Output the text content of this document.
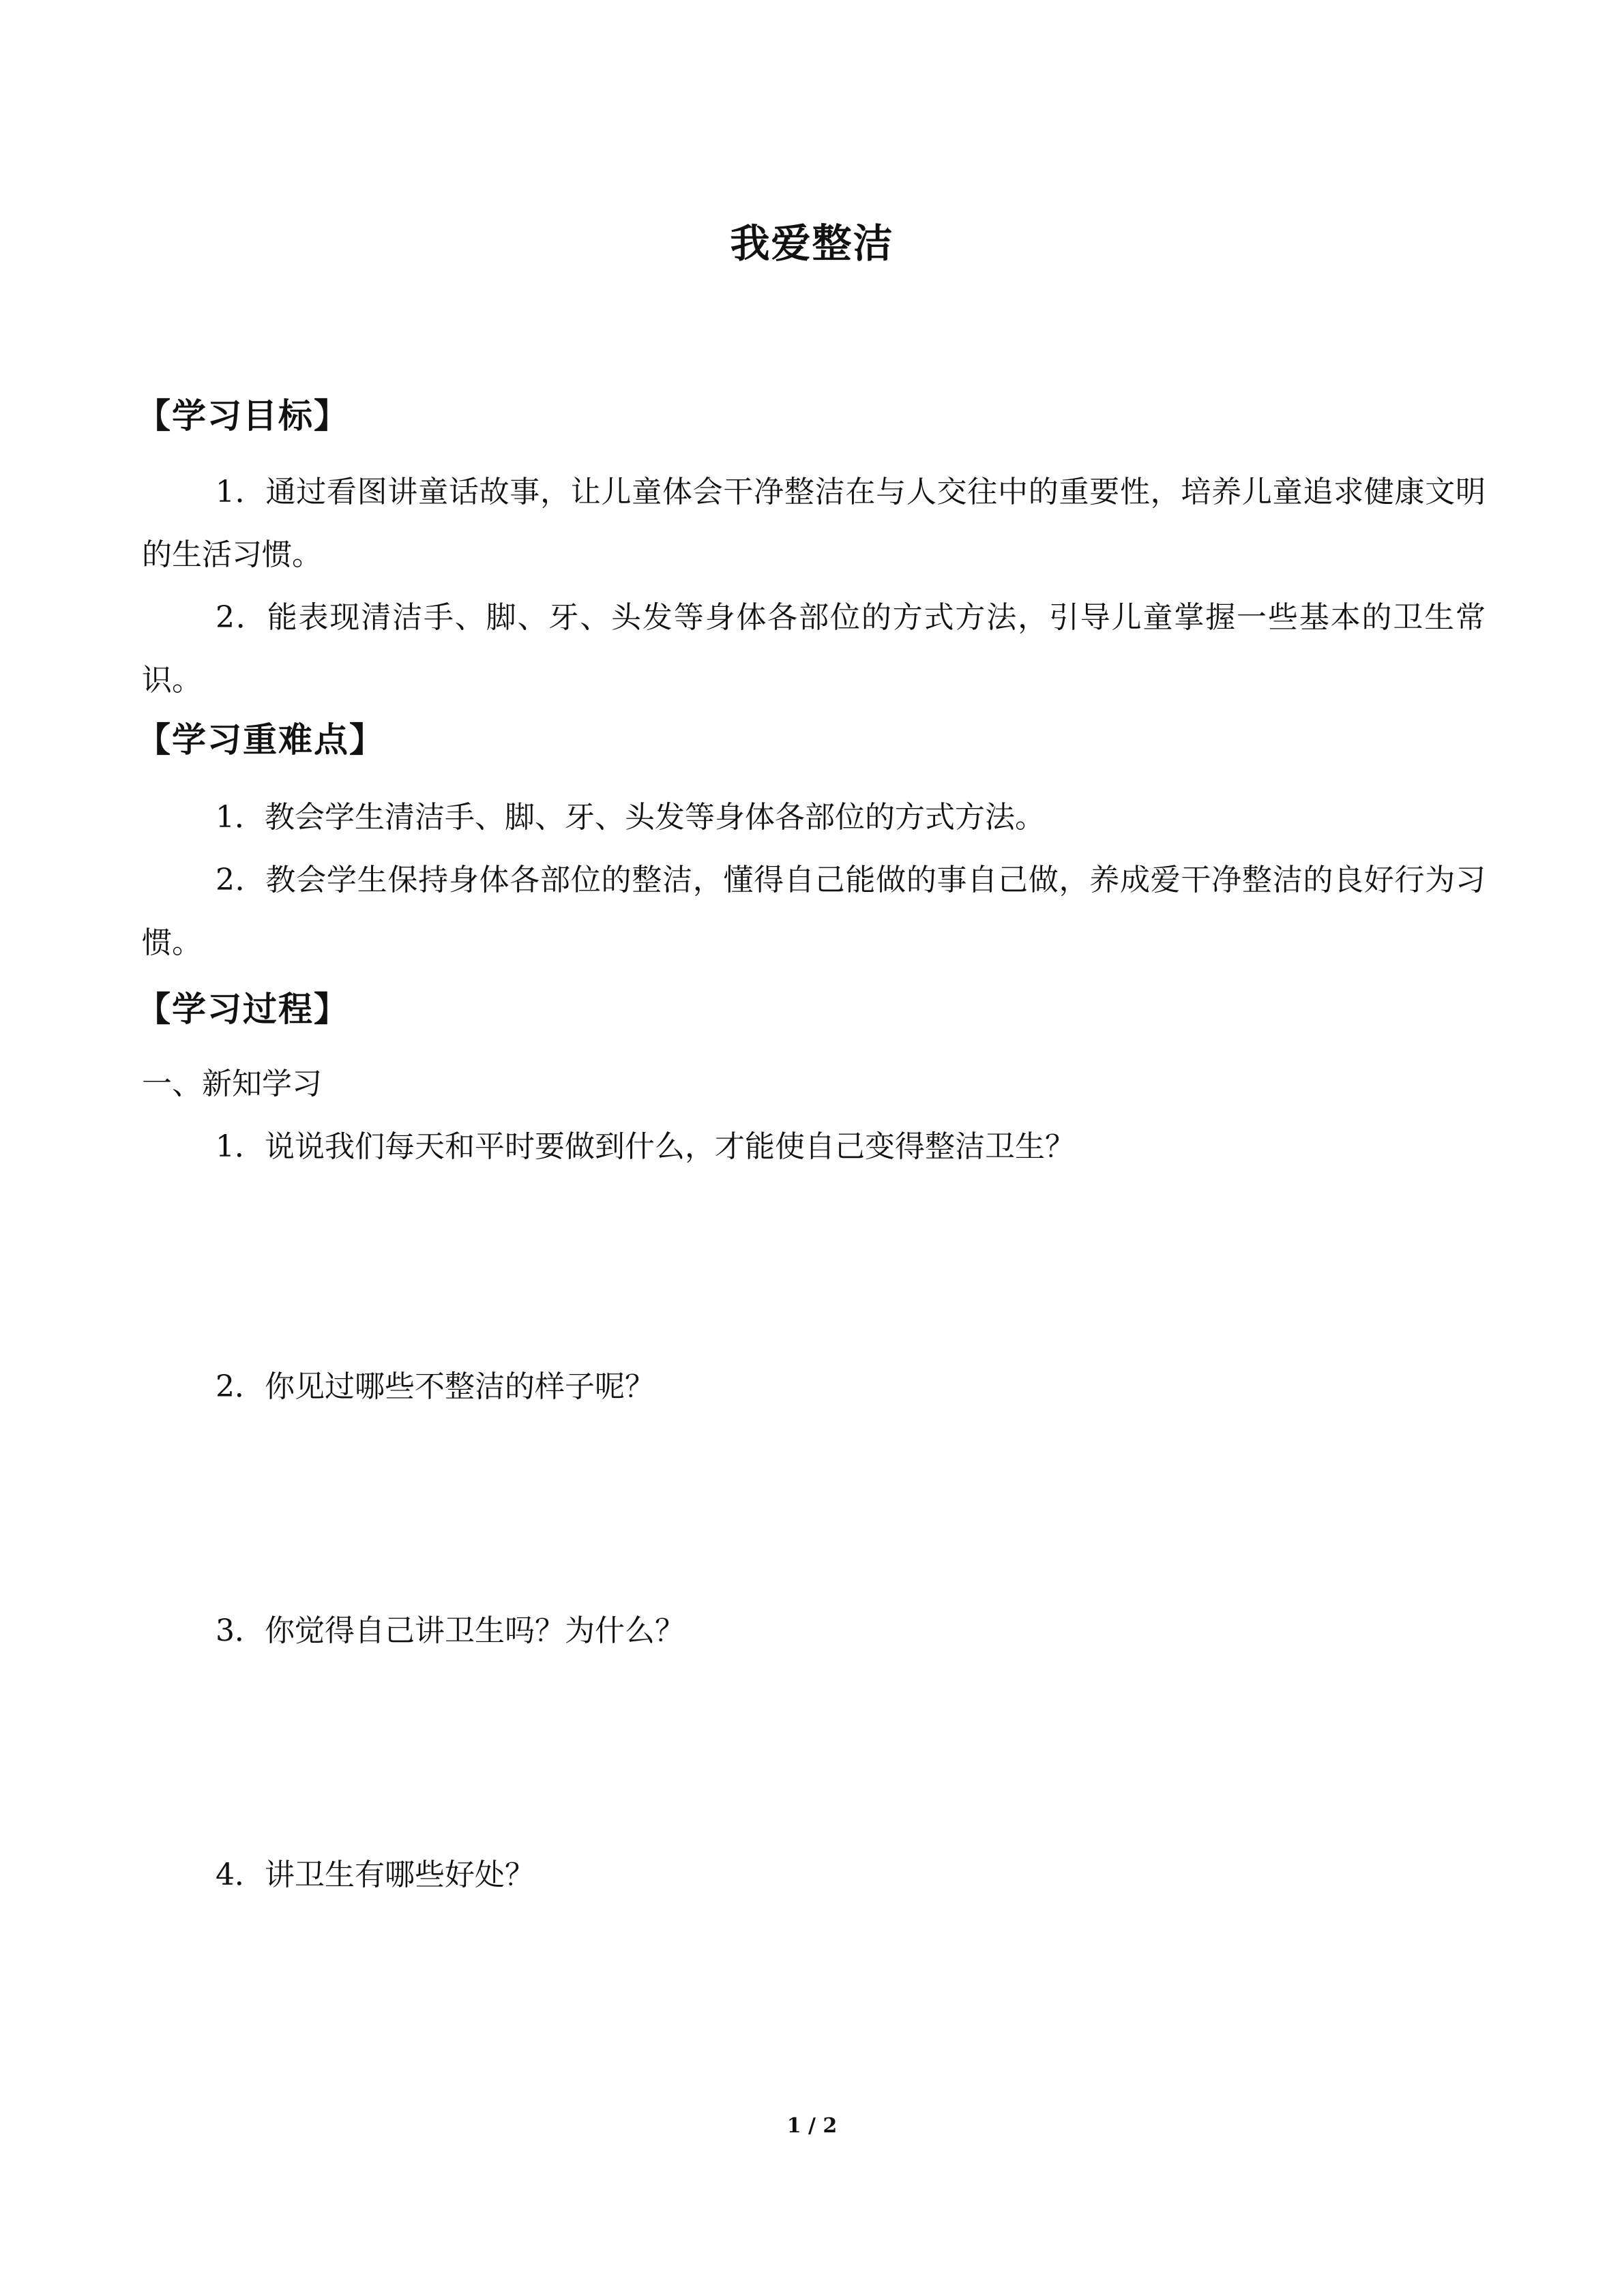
我爱整洁
【学习目标】
1．通过看图讲童话故事，让儿童体会干净整洁在与人交往中的重要性，培养儿童追求健康文明的生活习惯。
2．能表现清洁手、脚、牙、头发等身体各部位的方式方法，引导儿童掌握一些基本的卫生常识。
【学习重难点】
1．教会学生清洁手、脚、牙、头发等身体各部位的方式方法。
2．教会学生保持身体各部位的整洁，懂得自己能做的事自己做，养成爱干净整洁的良好行为习惯。
【学习过程】
一、新知学习
1．说说我们每天和平时要做到什么，才能使自己变得整洁卫生？
2．你见过哪些不整洁的样子呢？
3．你觉得自己讲卫生吗？为什么？
4．讲卫生有哪些好处？
1 / 2
